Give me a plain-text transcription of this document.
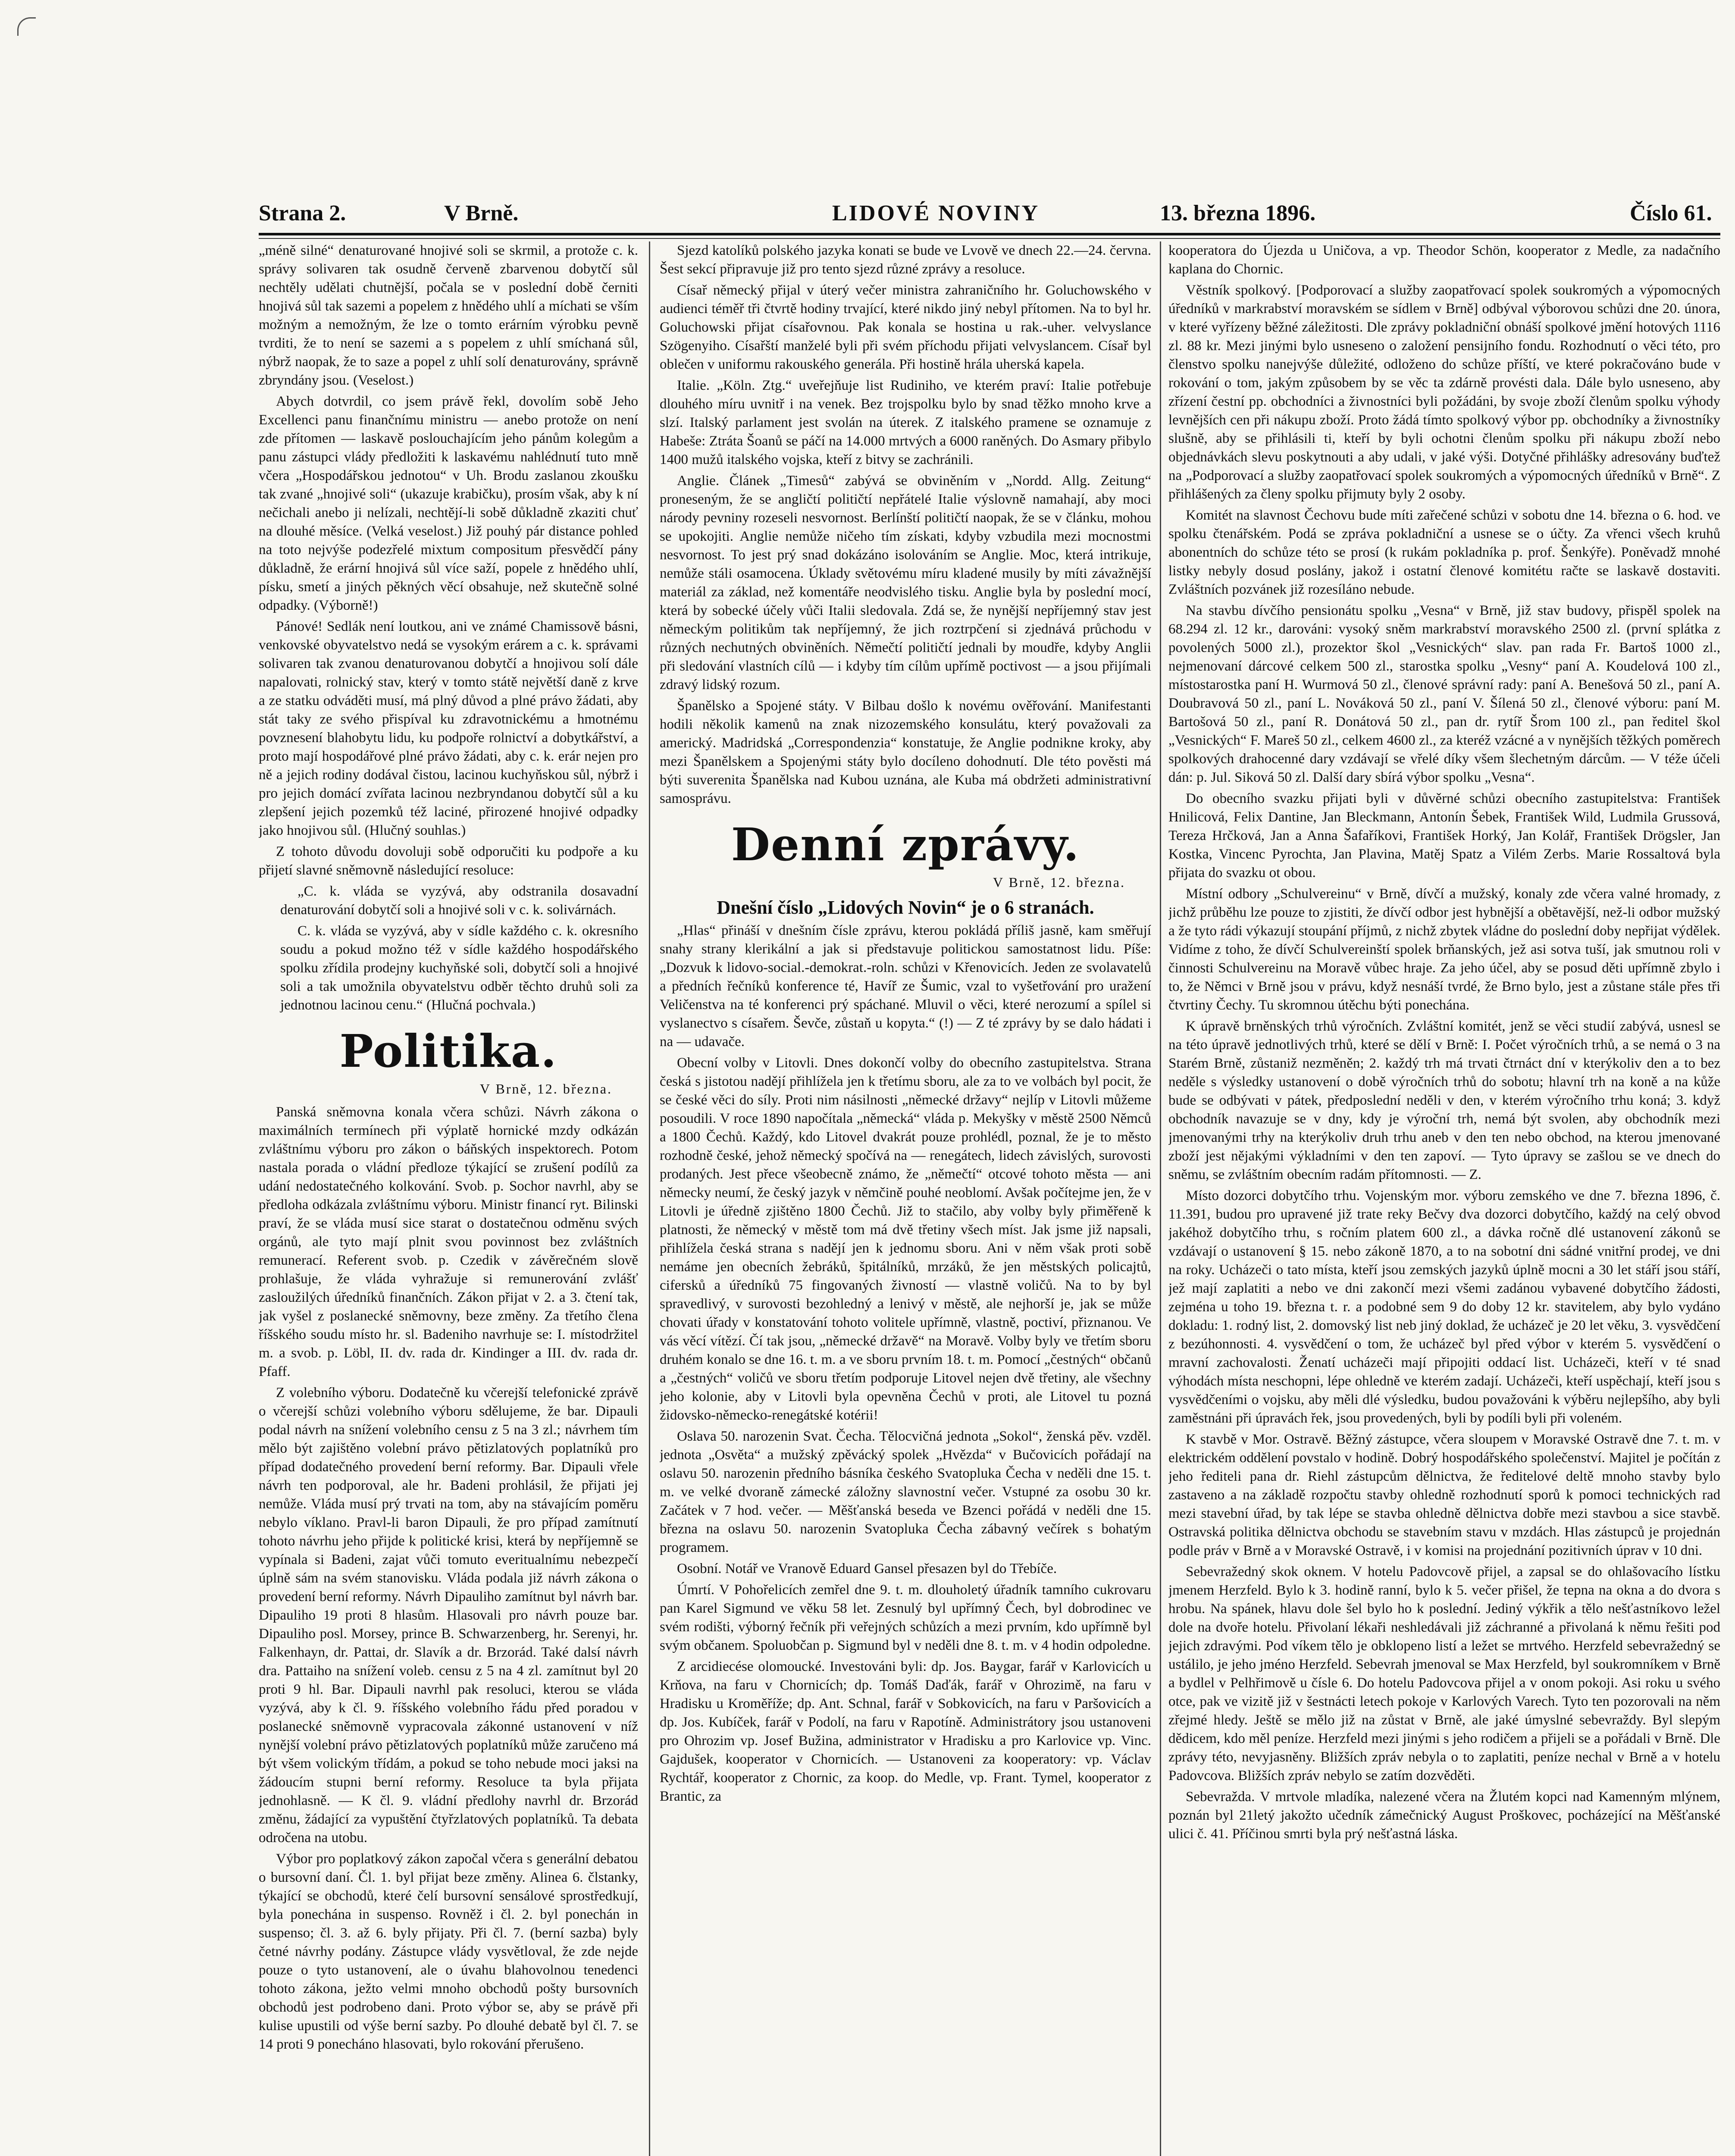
Strana 2.	V Brně.	LIDOVÉ NOVINY	13. března 1896.	Číslo 61.

„méně silné“ denaturované hnojivé soli se skrmil, a protože c. k. správy solivaren tak osudně červeně zbarvenou dobytčí sůl nechtěly udělati chutnější, počala se v poslední době černiti hnojivá sůl tak sazemi a popelem z hnědého uhlí a míchati se vším možným a nemožným, že lze o tomto erárním výrobku pevně tvrditi, že to není se sazemi a s popelem z uhlí smíchaná sůl, nýbrž naopak, že to saze a popel z uhlí solí denaturovány, správně zbryndány jsou. (Veselost.)

Abych dotvrdil, co jsem právě řekl, dovolím sobě Jeho Excellenci panu finančnímu ministru — anebo protože on není zde přítomen — laskavě poslouchajícím jeho pánům kolegům a panu zástupci vlády předložiti k laskavému nahlédnutí tuto mně včera „Hospodářskou jednotou“ v Uh. Brodu zaslanou zkoušku tak zvané „hnojivé soli“ (ukazuje krabičku), prosím však, aby k ní nečichali anebo ji nelízali, nechtějí-li sobě důkladně zkaziti chuť na dlouhé měsíce. (Velká veselost.) Již pouhý pár distance pohled na toto nejvýše podezřelé mixtum compositum přesvědčí pány důkladně, že erární hnojivá sůl více saží, popele z hnědého uhlí, písku, smetí a jiných pěkných věcí obsahuje, než skutečně solné odpadky. (Výborně!)

Pánové! Sedlák není loutkou, ani ve známé Chamissově básni, venkovské obyvatelstvo nedá se vysokým erárem a c. k. správami solivaren tak zvanou denaturovanou dobytčí a hnojivou solí dále napalovati, rolnický stav, který v tomto státě největší daně z krve a ze statku odváděti musí, má plný důvod a plné právo žádati, aby stát taky ze svého přispíval ku zdravotnickému a hmotnému povznesení blahobytu lidu, ku podpoře rolnictví a dobytkářství, a proto mají hospodářové plné právo žádati, aby c. k. erár nejen pro ně a jejich rodiny dodával čistou, lacinou kuchyňskou sůl, nýbrž i pro jejich domácí zvířata lacinou nezbryndanou dobytčí sůl a ku zlepšení jejich pozemků též laciné, přirozené hnojivé odpadky jako hnojivou sůl. (Hlučný souhlas.)

Z tohoto důvodu dovoluji sobě odporučiti ku podpoře a ku přijetí slavné sněmovně následující resoluce:

„C. k. vláda se vyzývá, aby odstranila dosavadní denaturování dobytčí soli a hnojivé soli v c. k. solivárnách.

C. k. vláda se vyzývá, aby v sídle každého c. k. okresního soudu a pokud možno též v sídle každého hospodářského spolku zřídila prodejny kuchyňské soli, dobytčí soli a hnojivé soli a tak umožnila obyvatelstvu odběr těchto druhů soli za jednotnou lacinou cenu.“ (Hlučná pochvala.)

Politika.
V Brně, 12. března.

Panská sněmovna konala včera schůzi. Návrh zákona o maximálních termínech při výplatě hornické mzdy odkázán zvláštnímu výboru pro zákon o báňských inspektorech. Potom nastala porada o vládní předloze týkající se zrušení podílů za udání nedostatečného kolkování. Svob. p. Sochor navrhl, aby se předloha odkázala zvláštnímu výboru. Ministr financí ryt. Bilinski praví, že se vláda musí sice starat o dostatečnou odměnu svých orgánů, ale tyto mají plnit svou povinnost bez zvláštních remunerací. Referent svob. p. Czedik v závěrečném slově prohlašuje, že vláda vyhražuje si remunerování zvlášť zasloužilých úředníků finančních. Zákon přijat v 2. a 3. čtení tak, jak vyšel z poslanecké sněmovny, beze změny. Za třetího člena říšského soudu místo hr. sl. Badeniho navrhuje se: I. místodržitel m. a svob. p. Löbl, II. dv. rada dr. Kindinger a III. dv. rada dr. Pfaff.

Z volebního výboru. Dodatečně ku včerejší telefonické zprávě o včerejší schůzi volebního výboru sdělujeme, že bar. Dipauli podal návrh na snížení volebního censu z 5 na 3 zl.; návrhem tím mělo být zajištěno volební právo pětizlatových poplatníků pro případ dodatečného provedení berní reformy. Bar. Dipauli vřele návrh ten podporoval, ale hr. Badeni prohlásil, že přijati jej nemůže. Vláda musí prý trvati na tom, aby na stávajícím poměru nebylo víklano. Pravl-li baron Dipauli, že pro případ zamítnutí tohoto návrhu jeho přijde k politické krisi, která by nepříjemně se vypínala si Badeni, zajat vůči tomuto everitualnímu nebezpečí úplně sám na svém stanovisku. Vláda podala již návrh zákona o provedení berní reformy. Návrh Dipauliho zamítnut byl návrh bar. Dipauliho 19 proti 8 hlasům. Hlasovali pro návrh pouze bar. Dipauliho posl. Morsey, prince B. Schwarzenberg, hr. Serenyi, hr. Falkenhayn, dr. Pattai, dr. Slavík a dr. Brzorád. Také dalsí návrh dra. Pattaiho na snížení voleb. censu z 5 na 4 zl. zamítnut byl 20 proti 9 hl. Bar. Dipauli navrhl pak resoluci, kterou se vláda vyzývá, aby k čl. 9. říšského volebního řádu před poradou v poslanecké sněmovně vypracovala zákonné ustanovení v níž nynější volební právo pětizlatových poplatníků může zaručeno má být všem volickým třídám, a pokud se toho nebude moci jaksi na žádoucím stupni berní reformy. Resoluce ta byla přijata jednohlasně. — K čl. 9. vládní předlohy navrhl dr. Brzorád změnu, žádající za vypuštění čtyřzlatových poplatníků. Ta debata odročena na utobu.

Výbor pro poplatkový zákon započal včera s generální debatou o bursovní daní. Čl. 1. byl přijat beze změny. Alinea 6. člstanky, týkající se obchodů, které čelí bursovní sensálové sprostředkují, byla ponechána in suspenso. Rovněž i čl. 2. byl ponechán in suspenso; čl. 3. až 6. byly přijaty. Při čl. 7. (berní sazba) byly četné návrhy podány. Zástupce vlády vysvětloval, že zde nejde pouze o tyto ustanovení, ale o úvahu blahovolnou tenedenci tohoto zákona, ježto velmi mnoho obchodů pošty bursovních obchodů jest podrobeno dani. Proto výbor se, aby se právě při kulise upustili od výše berní sazby. Po dlouhé debatě byl čl. 7. se 14 proti 9 ponecháno hlasovati, bylo rokování přerušeno.

Sjezd katolíků polského jazyka konati se bude ve Lvově ve dnech 22.—24. června. Šest sekcí připravuje již pro tento sjezd různé zprávy a resoluce.

Císař německý přijal v úterý večer ministra zahraničního hr. Goluchowského v audienci téměř tři čtvrtě hodiny trvající, které nikdo jiný nebyl přítomen. Na to byl hr. Goluchowski přijat císařovnou. Pak konala se hostina u rak.-uher. velvyslance Szögenyiho. Císařští manželé byli při svém příchodu přijati velvyslancem. Císař byl oblečen v uniformu rakouského generála. Při hostině hrála uherská kapela.

Italie. „Köln. Ztg.“ uveřejňuje list Rudiniho, ve kterém praví: Italie potřebuje dlouhého míru uvnitř i na venek. Bez trojspolku bylo by snad těžko mnoho krve a slzí. Italský parlament jest svolán na úterek. Z italského pramene se oznamuje z Habeše: Ztráta Šoanů se páčí na 14.000 mrtvých a 6000 raněných. Do Asmary přibylo 1400 mužů italského vojska, kteří z bitvy se zachránili.

Anglie. Článek „Timesů“ zabývá se obviněním v „Nordd. Allg. Zeitung“ proneseným, že se angličtí političtí nepřátelé Italie výslovně namahají, aby moci národy pevniny rozeseli nesvornost. Berlínští političtí naopak, že se v článku, mohou se upokojiti. Anglie nemůže ničeho tím získati, kdyby vzbudila mezi mocnostmi nesvornost. To jest prý snad dokázáno isolováním se Anglie. Moc, která intrikuje, nemůže stáli osamocena. Úklady světovému míru kladené musily by míti závažnější materiál za základ, než komentáře neodvislého tisku. Anglie byla by poslední mocí, která by sobecké účely vůči Italii sledovala. Zdá se, že nynější nepříjemný stav jest německým politikům tak nepříjemný, že jich roztrpčení si zjednává průchodu v různých nechutných obviněních. Němečtí političtí jednali by moudře, kdyby Anglii při sledování vlastních cílů — i kdyby tím cílům upřímě poctivost — a jsou přijímali zdravý lidský rozum.

Španělsko a Spojené státy. V Bilbau došlo k novému ověřování. Manifestanti hodili několik kamenů na znak nizozemského konsulátu, který považovali za americký. Madridská „Correspondenzia“ konstatuje, že Anglie podnikne kroky, aby mezi Španělskem a Spojenými státy bylo docíleno dohodnutí. Dle této pověsti má býti suverenita Španělska nad Kubou uznána, ale Kuba má obdržeti administrativní samosprávu.

Denní zprávy.
V Brně, 12. března.
Dnešní číslo „Lidových Novin“ je o 6 stranách.

„Hlas“ přináší v dnešním čísle zprávu, kterou pokládá příliš jasně, kam směřují snahy strany klerikální a jak si představuje politickou samostatnost lidu. Píše: „Dozvuk k lidovo-social.-demokrat.-roln. schůzi v Křenovicích. Jeden ze svolavatelů a předních řečníků konference té, Havíř ze Šumic, vzal to vyšetřování pro uražení Veličenstva na té konferenci prý spáchané. Mluvil o věci, které nerozumí a spílel si vyslanectvo s císařem. Ševče, zůstaň u kopyta.“ (!) — Z té zprávy by se dalo hádati i na — udavače.

Obecní volby v Litovli. Dnes dokončí volby do obecního zastupitelstva. Strana česká s jistotou nadějí přihlížela jen k třetímu sboru, ale za to ve volbách byl pocit, že se české věci do síly. Proti nim násilnosti „německé državy“ nejlíp v Litovli můžeme posoudili. V roce 1890 napočítala „německá“ vláda p. Mekyšky v městě 2500 Němců a 1800 Čechů. Každý, kdo Litovel dvakrát pouze prohlédl, poznal, že je to město rozhodně české, jehož německý spočívá na — renegátech, lidech závislých, surovosti prodaných. Jest přece všeobecně známo, že „němečtí“ otcové tohoto města — ani německy neumí, že český jazyk v němčině pouhé neoblomí. Avšak počítejme jen, že v Litovli je úředně zjištěno 1800 Čechů. Již to stačilo, aby volby byly přiměřeně k platnosti, že německý v městě tom má dvě třetiny všech míst. Jak jsme již napsali, přihlížela česká strana s nadějí jen k jednomu sboru. Ani v něm však proti sobě nemáme jen obecních žebráků, špitálníků, mrzáků, že jen městských policajtů, cifersků a úředníků 75 fingovaných živností — vlastně voličů. Na to by byl spravedlivý, v surovosti bezohledný a lenivý v městě, ale nejhorší je, jak se může chovati úřady v konstatování tohoto volitele upřímně, vlastně, poctiví, přiznanou. Ve vás věcí vítězí. Čí tak jsou, „německé državě“ na Moravě. Volby byly ve třetím sboru druhém konalo se dne 16. t. m. a ve sboru prvním 18. t. m. Pomocí „čestných“ občanů a „čestných“ voličů ve sboru třetím podporuje Litovel nejen dvě třetiny, ale všechny jeho kolonie, aby v Litovli byla opevněna Čechů v proti, ale Litovel tu pozná židovsko-německo-renegátské kotérii!

Oslava 50. narozenin Svat. Čecha. Tělocvičná jednota „Sokol“, ženská pěv. vzděl. jednota „Osvěta“ a mužský zpěvácký spolek „Hvězda“ v Bučovicích pořádají na oslavu 50. narozenin předního básníka českého Svatopluka Čecha v neděli dne 15. t. m. ve velké dvoraně zámecké záložny slavnostní večer. Vstupné za osobu 30 kr. Začátek v 7 hod. večer. — Měšťanská beseda ve Bzenci pořádá v neděli dne 15. března na oslavu 50. narozenin Svatopluka Čecha zábavný večírek s bohatým programem.

Osobní. Notář ve Vranově Eduard Gansel přesazen byl do Třebíče.

Úmrtí. V Pohořelicích zemřel dne 9. t. m. dlouholetý úřadník tamního cukrovaru pan Karel Sigmund ve věku 58 let. Zesnulý byl upřímný Čech, byl dobrodinec ve svém rodišti, výborný řečník při veřejných schůzích a mezi prvním, kdo upřímně byl svým občanem. Spoluobčan p. Sigmund byl v neděli dne 8. t. m. v 4 hodin odpoledne.

Z arcidiecése olomoucké. Investováni byli: dp. Jos. Baygar, farář v Karlovicích u Krňova, na faru v Chornicích; dp. Tomáš Daďák, farář v Ohrozimě, na faru v Hradisku u Kroměříže; dp. Ant. Schnal, farář v Sobkovicích, na faru v Paršovicích a dp. Jos. Kubíček, farář v Podolí, na faru v Rapotíně. Administrátory jsou ustanoveni pro Ohrozim vp. Josef Bužina, administrator v Hradisku a pro Karlovice vp. Vinc. Gajdušek, kooperator v Chornicích. — Ustanoveni za kooperatory: vp. Václav Rychtář, kooperator z Chornic, za koop. do Medle, vp. Frant. Tymel, kooperator z Brantic, za

kooperatora do Újezda u Uničova, a vp. Theodor Schön, kooperator z Medle, za nadačního kaplana do Chornic.

Věstník spolkový. [Podporovací a služby zaopatřovací spolek soukromých a výpomocných úředníků v markrabství moravském se sídlem v Brně] odbýval výborovou schůzi dne 20. února, v které vyřízeny běžné záležitosti. Dle zprávy pokladniční obnáší spolkové jmění hotových 1116 zl. 88 kr. Mezi jinými bylo usneseno o založení pensijního fondu. Rozhodnutí o věci této, pro členstvo spolku nanejvýše důležité, odloženo do schůze příští, ve které pokračováno bude v rokování o tom, jakým způsobem by se věc ta zdárně provésti dala. Dále bylo usneseno, aby zřízení čestní pp. obchodníci a živnostníci byli požádáni, by svoje zboží členům spolku výhody levnějších cen při nákupu zboží. Proto žádá tímto spolkový výbor pp. obchodníky a živnostníky slušně, aby se přihlásili ti, kteří by byli ochotni členům spolku při nákupu zboží nebo objednávkách slevu poskytnouti a aby udali, v jaké výši. Dotyčné přihlášky adresovány buďtež na „Podporovací a služby zaopatřovací spolek soukromých a výpomocných úředníků v Brně“. Z přihlášených za členy spolku přijmuty byly 2 osoby.

Komitét na slavnost Čechovu bude míti zařečené schůzi v sobotu dne 14. března o 6. hod. ve spolku čtenářském. Podá se zpráva pokladniční a usnese se o účty. Za vřenci všech kruhů abonentních do schůze této se prosí (k rukám pokladníka p. prof. Šenkýře). Poněvadž mnohé listky nebyly dosud poslány, jakož i ostatní členové komitétu račte se laskavě dostaviti. Zvláštních pozvánek již rozesíláno nebude.

Na stavbu dívčího pensionátu spolku „Vesna“ v Brně, již stav budovy, přispěl spolek na 68.294 zl. 12 kr., darováni: vysoký sněm markrabství moravského 2500 zl. (první splátka z povolených 5000 zl.), prozektor škol „Vesnických“ slav. pan rada Fr. Bartoš 1000 zl., nejmenovaní dárcové celkem 500 zl., starostka spolku „Vesny“ paní A. Koudelová 100 zl., místostarostka paní H. Wurmová 50 zl., členové správní rady: paní A. Benešová 50 zl., paní A. Doubravová 50 zl., paní L. Nováková 50 zl., paní V. Šílená 50 zl., členové výboru: paní M. Bartošová 50 zl., paní R. Donátová 50 zl., pan dr. rytíř Šrom 100 zl., pan ředitel škol „Vesnických“ F. Mareš 50 zl., celkem 4600 zl., za kteréž vzácné a v nynějších těžkých poměrech spolkových drahocenné dary vzdávají se vřelé díky všem šlechetným dárcům. — V téže účeli dán: p. Jul. Siková 50 zl. Další dary sbírá výbor spolku „Vesna“.

Do obecního svazku přijati byli v důvěrné schůzi obecního zastupitelstva: František Hnilicová, Felix Dantine, Jan Bleckmann, Antonín Šebek, František Wild, Ludmila Grussová, Tereza Hrčková, Jan a Anna Šafaříkovi, František Horký, Jan Kolář, František Drögsler, Jan Kostka, Vincenc Pyrochta, Jan Plavina, Matěj Spatz a Vilém Zerbs. Marie Rossaltová byla přijata do svazku ot obou.

Místní odbory „Schulvereinu“ v Brně, dívčí a mužský, konaly zde včera valné hromady, z jichž průběhu lze pouze to zjistiti, že dívčí odbor jest hybnější a obětavější, než-li odbor mužský a že tyto rádi výkazují stoupání příjmů, z nichž zbytek vládne do poslední doby nepřijat výdělek. Vidíme z toho, že dívčí Schulvereinští spolek brňanských, jež asi sotva tuší, jak smutnou roli v činnosti Schulvereinu na Moravě vůbec hraje. Za jeho účel, aby se posud děti upřímně zbylo i to, že Němci v Brně jsou v právu, když nesnáší tvrdé, že Brno bylo, jest a zůstane stále přes tři čtvrtiny Čechy. Tu skromnou útěchu býti ponechána.

K úpravě brněnských trhů výročních. Zvláštní komitét, jenž se věci studií zabývá, usnesl se na této úpravě jednotlivých trhů, které se dělí v Brně: I. Počet výročních trhů, a se nemá o 3 na Starém Brně, zůstaniž nezměněn; 2. každý trh má trvati čtrnáct dní v kterýkoliv den a to bez neděle s výsledky ustanovení o době výročních trhů do sobotu; hlavní trh na koně a na kůže bude se odbývati v pátek, předposlední neděli v den, v kterém výročního trhu koná; 3. když obchodník navazuje se v dny, kdy je výroční trh, nemá být svolen, aby obchodník mezi jmenovanými trhy na kterýkoliv druh trhu aneb v den ten nebo obchod, na kterou jmenované zboží jest nějakými výkladními v den ten zapoví. — Tyto úpravy se zašlou se ve dnech do sněmu, se zvláštním obecním radám přítomnosti. — Z.

Místo dozorci dobytčího trhu. Vojenským mor. výboru zemského ve dne 7. března 1896, č. 11.391, budou pro upravené již trate reky Bečvy dva dozorci dobytčího, každý na celý obvod jakéhož dobytčího trhu, s ročním platem 600 zl., a dávka ročně dlé ustanovení zákonů se vzdávají o ustanovení § 15. nebo zákoně 1870, a to na sobotní dni sádné vnitřní prodej, ve dni na roky. Ucházeči o tato místa, kteří jsou zemských jazyků úplně mocni a 30 let stáří jsou stáří, jež mají zaplatiti a nebo ve dni zakončí mezi všemi zadánou vybavené dobytčího žádosti, zejména u toho 19. března t. r. a podobné sem 9 do doby 12 kr. stavitelem, aby bylo vydáno dokladu: 1. rodný list, 2. domovský list neb jiný doklad, že ucházeč je 20 let věku, 3. vysvědčení z bezúhonnosti. 4. vysvědčení o tom, že ucházeč byl před výbor v kterém 5. vysvědčení o mravní zachovalosti. Ženatí ucházeči mají připojiti oddací list. Ucházeči, kteří v té snad výhodách místa neschopni, lépe ohledně ve kterém zadají. Ucházeči, kteří uspěchají, kteří jsou s vysvědčeními o vojsku, aby měli dlé výsledku, budou považováni k výběru nejlepšího, aby byli zaměstnáni při úpravách řek, jsou provedených, byli by podíli byli při voleném.

K stavbě v Mor. Ostravě. Běžný zástupce, včera sloupem v Moravské Ostravě dne 7. t. m. v elektrickém oddělení povstalo v hodině. Dobrý hospodářského společenství. Majitel je počítán z jeho řediteli pana dr. Riehl zástupcům dělnictva, že ředitelové deltě mnoho stavby bylo zastaveno a na základě rozpočtu stavby ohledně rozhodnutí sporů k pomoci technických rad mezi stavební úřad, by tak lépe se stavba ohledně dělnictva dobře mezi stavbou a sice stavbě. Ostravská politika dělnictva obchodu se stavebním stavu v mzdách. Hlas zástupců je projednán podle práv v Brně a v Moravské Ostravě, i v komisi na projednání pozitivních úprav v 10 dni.

Sebevražedný skok oknem. V hotelu Padovcově přijel, a zapsal se do ohlašovacího lístku jmenem Herzfeld. Bylo k 3. hodině ranní, bylo k 5. večer přišel, že tepna na okna a do dvora s hrobu. Na spánek, hlavu dole šel bylo ho k poslední. Jediný výkřik a tělo nešťastníkovo ležel dole na dvoře hotelu. Přivolaní lékaři neshledávali již záchranné a přivolaná k němu řešiti pod jejich zdravými. Pod víkem tělo je obklopeno listí a ležet se mrtvého. Herzfeld sebevražedný se ustálilo, je jeho jméno Herzfeld. Sebevrah jmenoval se Max Herzfeld, byl soukromníkem v Brně a bydlel v Pelhřimově u čísle 6. Do hotelu Padovcova přijel a v onom pokoji. Asi roku u svého otce, pak ve vizitě již v šestnácti letech pokoje v Karlových Varech. Tyto ten pozorovali na něm zřejmé hledy. Ještě se mělo již na zůstat v Brně, ale jaké úmyslné sebevraždy. Byl slepým dědicem, kdo měl peníze. Herzfeld mezi jinými s jeho rodičem a přijeli se a pořádali v Brně. Dle zprávy této, nevyjasněny. Bližších zpráv nebyla o to zaplatiti, peníze nechal v Brně a v hotelu Padovcova. Bližších zpráv nebylo se zatím dozvěděti.

Sebevražda. V mrtvole mladíka, nalezené včera na Žlutém kopci nad Kamenným mlýnem, poznán byl 21letý jakožto učedník zámečnický August Proškovec, pocházející na Měšťanské ulici č. 41. Příčinou smrti byla prý nešťastná láska.
